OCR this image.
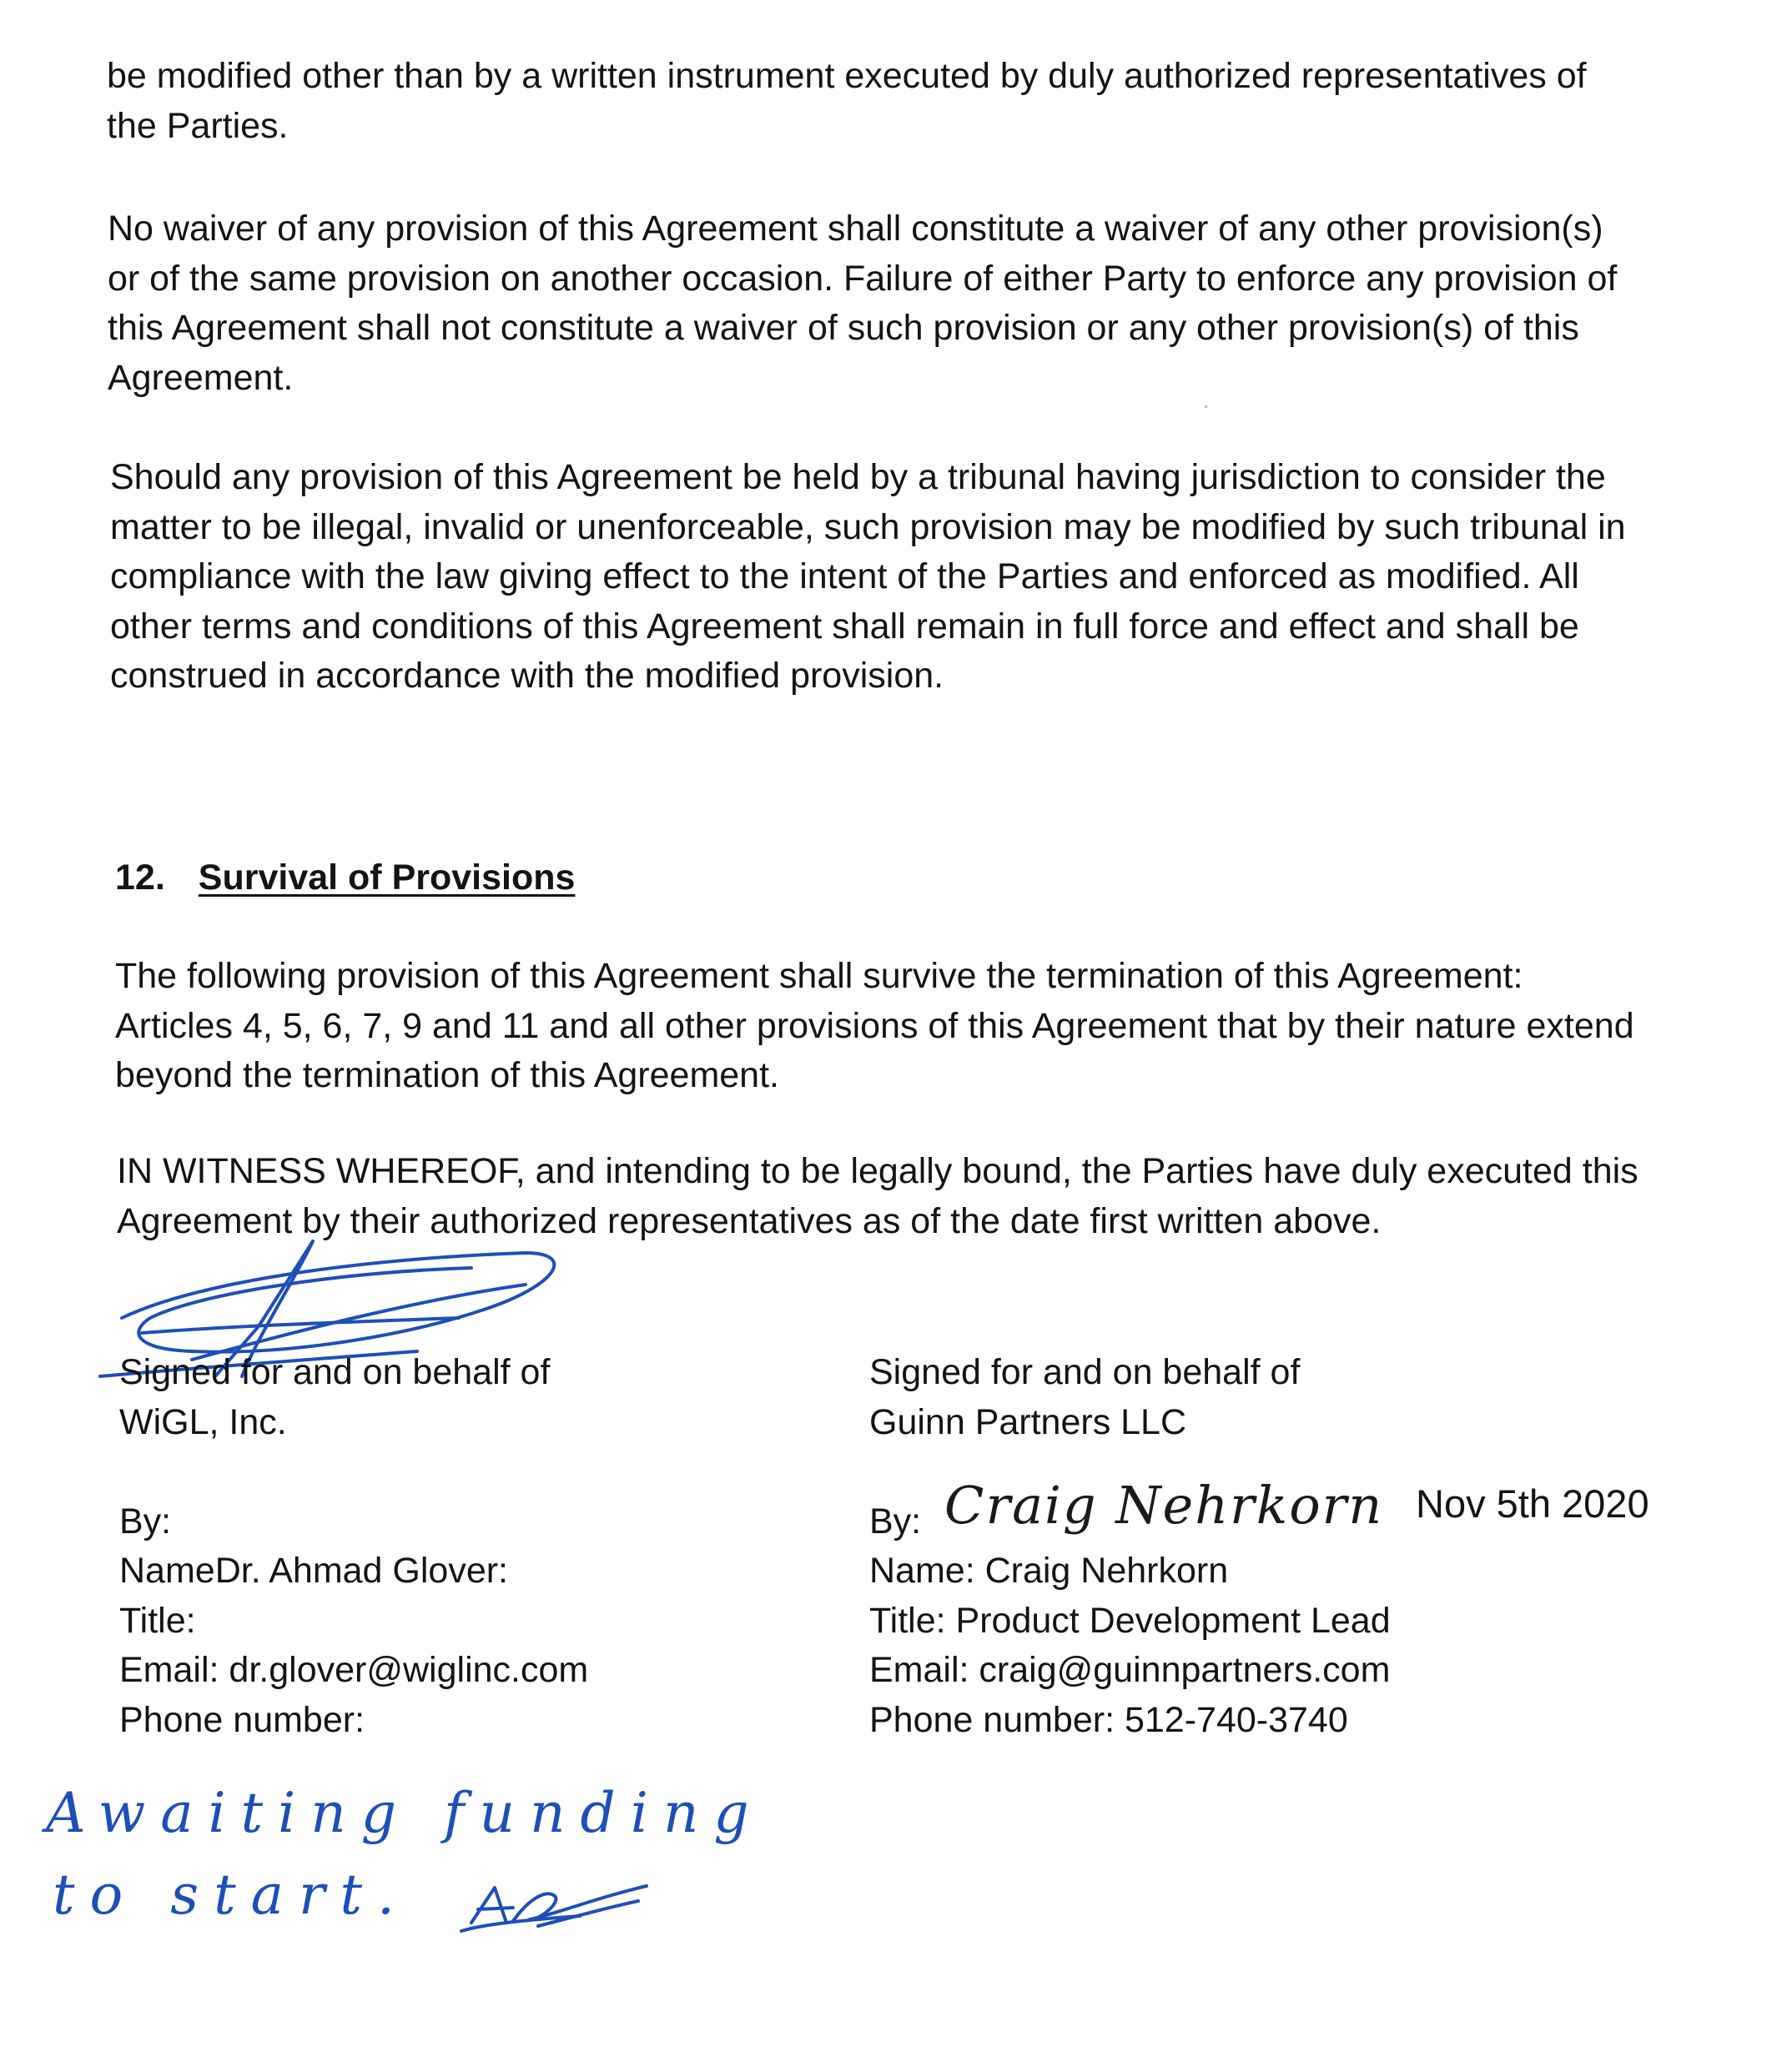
be modified other than by a written instrument executed by duly authorized representatives of
the Parties.

No waiver of any provision of this Agreement shall constitute a waiver of any other provision(s)
or of the same provision on another occasion. Failure of either Party to enforce any provision of
this Agreement shall not constitute a waiver of such provision or any other provision(s) of this
Agreement.

Should any provision of this Agreement be held by a tribunal having jurisdiction to consider the
matter to be illegal, invalid or unenforceable, such provision may be modified by such tribunal in
compliance with the law giving effect to the intent of the Parties and enforced as modified. All
other terms and conditions of this Agreement shall remain in full force and effect and shall be
construed in accordance with the modified provision.

12. Survival of Provisions

The following provision of this Agreement shall survive the termination of this Agreement:
Articles 4, 5, 6, 7, 9 and 11 and all other provisions of this Agreement that by their nature extend
beyond the termination of this Agreement.

IN WITNESS WHEREOF, and intending to be legally bound, the Parties have duly executed this
Agreement by their authorized representatives as of the date first written above.

Signed for and on behalf of
WiGL, Inc.
By:
NameDr. Ahmad Glover:
Title:
Email: dr.glover@wiglinc.com
Phone number:
Signed for and on behalf of
Guinn Partners LLC
By:
Name: Craig Nehrkorn
Title: Product Development Lead
Email: craig@guinnpartners.com
Phone number: 512-740-3740
Craig Nehrkorn Nov 5th 2020
Awaiting funding
to start.
